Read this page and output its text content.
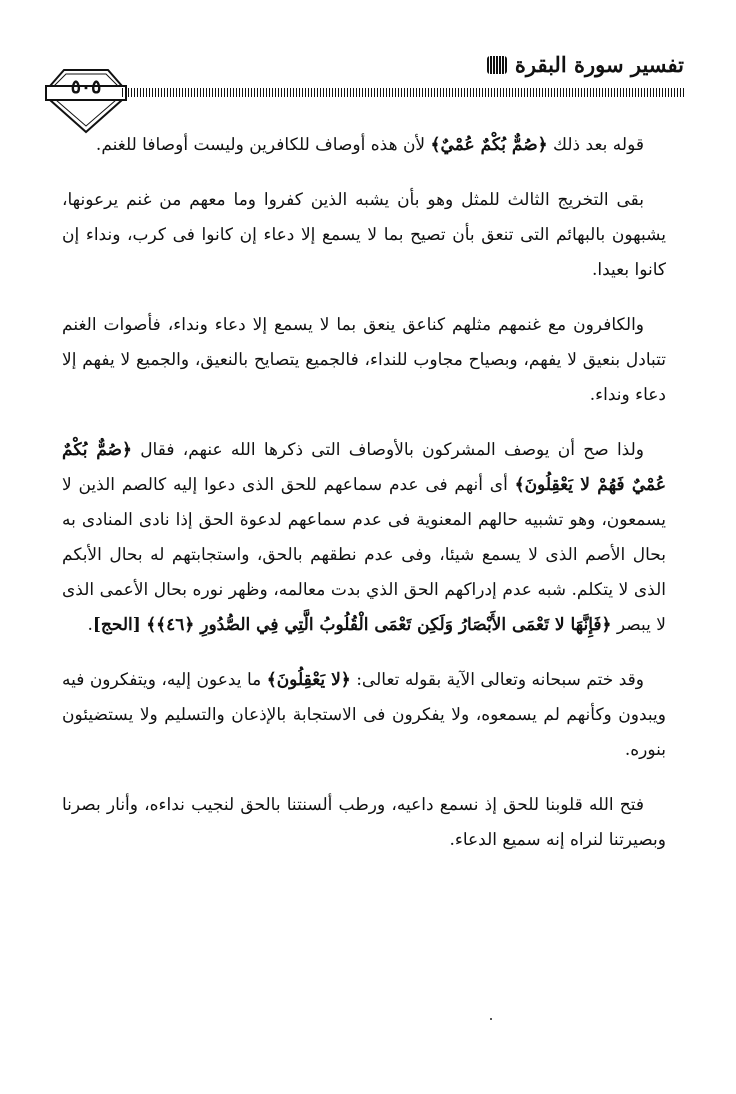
تفسير سورة البقرة
٥٠٥

قوله بعد ذلك ﴿صُمٌّ بُكْمٌ عُمْيٌ﴾ لأن هذه أوصاف للكافرين وليست أوصافا للغنم.

بقى التخريج الثالث للمثل وهو بأن يشبه الذين كفروا وما معهم من غنم يرعونها، يشبهون بالبهائم التى تنعق بأن تصيح بما لا يسمع إلا دعاء إن كانوا فى كرب، ونداء إن كانوا بعيدا.

والكافرون مع غنمهم مثلهم كناعق ينعق بما لا يسمع إلا دعاء ونداء، فأصوات الغنم تتبادل بنعيق لا يفهم، وبصياح مجاوب للنداء، فالجميع يتصايح بالنعيق، والجميع لا يفهم إلا دعاء ونداء.

ولذا صح أن يوصف المشركون بالأوصاف التى ذكرها الله عنهم، فقال ﴿صُمٌّ بُكْمٌ عُمْيٌ فَهُمْ لا يَعْقِلُونَ﴾ أى أنهم فى عدم سماعهم للحق الذى دعوا إليه كالصم الذين لا يسمعون، وهو تشبيه حالهم المعنوية فى عدم سماعهم لدعوة الحق إذا نادى المنادى به بحال الأصم الذى لا يسمع شيئا، وفى عدم نطقهم بالحق، واستجابتهم له بحال الأبكم الذى لا يتكلم. شبه عدم إدراكهم الحق الذي بدت معالمه، وظهر نوره بحال الأعمى الذى لا يبصر ﴿فَإِنَّهَا لا تَعْمَى الأَبْصَارُ وَلَكِن تَعْمَى الْقُلُوبُ الَّتِي فِي الصُّدُورِ ﴿٤٦﴾﴾ [الحج].

وقد ختم سبحانه وتعالى الآية بقوله تعالى: ﴿لا يَعْقِلُونَ﴾ ما يدعون إليه، ويتفكرون فيه ويبدون وكأنهم لم يسمعوه، ولا يفكرون فى الاستجابة بالإذعان والتسليم ولا يستضيئون بنوره.

فتح الله قلوبنا للحق إذ نسمع داعيه، ورطب ألسنتنا بالحق لنجيب نداءه، وأنار بصرنا وبصيرتنا لنراه إنه سميع الدعاء.
